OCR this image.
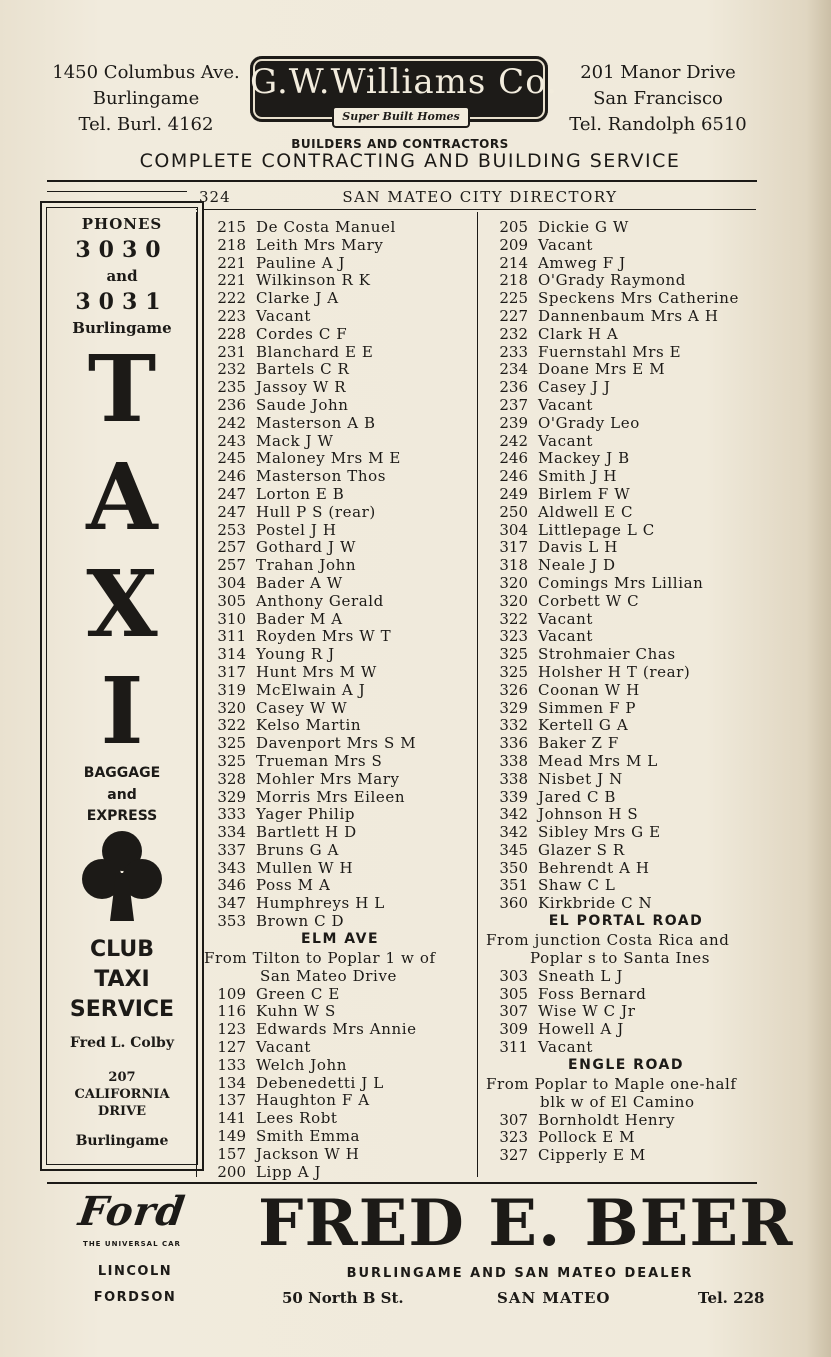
1450 Columbus Ave.
Burlingame
Tel. Burl. 4162
G.W.Williams Co.
Super Built Homes
201 Manor Drive
San Francisco
Tel. Randolph 6510
BUILDERS AND CONTRACTORS
COMPLETE CONTRACTING AND BUILDING SERVICE
324	SAN MATEO CITY DIRECTORY
PHONES
3030
and
3031
Burlingame
T
A
X
I
BAGGAGE
and
EXPRESS
CLUB
TAXI
SERVICE
Fred L. Colby
207
CALIFORNIA
DRIVE
Burlingame
215 De Costa Manuel
218 Leith Mrs Mary
221 Pauline A J
221 Wilkinson R K
222 Clarke J A
223 Vacant
228 Cordes C F
231 Blanchard E E
232 Bartels C R
235 Jassoy W R
236 Saude John
242 Masterson A B
243 Mack J W
245 Maloney Mrs M E
246 Masterson Thos
247 Lorton E B
247 Hull P S (rear)
253 Postel J H
257 Gothard J W
257 Trahan John
304 Bader A W
305 Anthony Gerald
310 Bader M A
311 Royden Mrs W T
314 Young R J
317 Hunt Mrs M W
319 McElwain A J
320 Casey W W
322 Kelso Martin
325 Davenport Mrs S M
325 Trueman Mrs S
328 Mohler Mrs Mary
329 Morris Mrs Eileen
333 Yager Philip
334 Bartlett H D
337 Bruns G A
343 Mullen W H
346 Poss M A
347 Humphreys H L
353 Brown C D
ELM AVE
From Tilton to Poplar 1 w of
San Mateo Drive
109 Green C E
116 Kuhn W S
123 Edwards Mrs Annie
127 Vacant
133 Welch John
134 Debenedetti J L
137 Haughton F A
141 Lees Robt
149 Smith Emma
157 Jackson W H
200 Lipp A J
205 Dickie G W
209 Vacant
214 Amweg F J
218 O'Grady Raymond
225 Speckens Mrs Catherine
227 Dannenbaum Mrs A H
232 Clark H A
233 Fuernstahl Mrs E
234 Doane Mrs E M
236 Casey J J
237 Vacant
239 O'Grady Leo
242 Vacant
246 Mackey J B
246 Smith J H
249 Birlem F W
250 Aldwell E C
304 Littlepage L C
317 Davis L H
318 Neale J D
320 Comings Mrs Lillian
320 Corbett W C
322 Vacant
323 Vacant
325 Strohmaier Chas
325 Holsher H T (rear)
326 Coonan W H
329 Simmen F P
332 Kertell G A
336 Baker Z F
338 Mead Mrs M L
338 Nisbet J N
339 Jared C B
342 Johnson H S
342 Sibley Mrs G E
345 Glazer S R
350 Behrendt A H
351 Shaw C L
360 Kirkbride C N
EL PORTAL ROAD
From junction Costa Rica and
Poplar s to Santa Ines
303 Sneath L J
305 Foss Bernard
307 Wise W C Jr
309 Howell A J
311 Vacant
ENGLE ROAD
From Poplar to Maple one-half
blk w of El Camino
307 Bornholdt Henry
323 Pollock E M
327 Cipperly E M
Ford
THE UNIVERSAL CAR
LINCOLN
FORDSON
FRED E. BEER
BURLINGAME AND SAN MATEO DEALER
50 North B St.	SAN MATEO	Tel. 228
